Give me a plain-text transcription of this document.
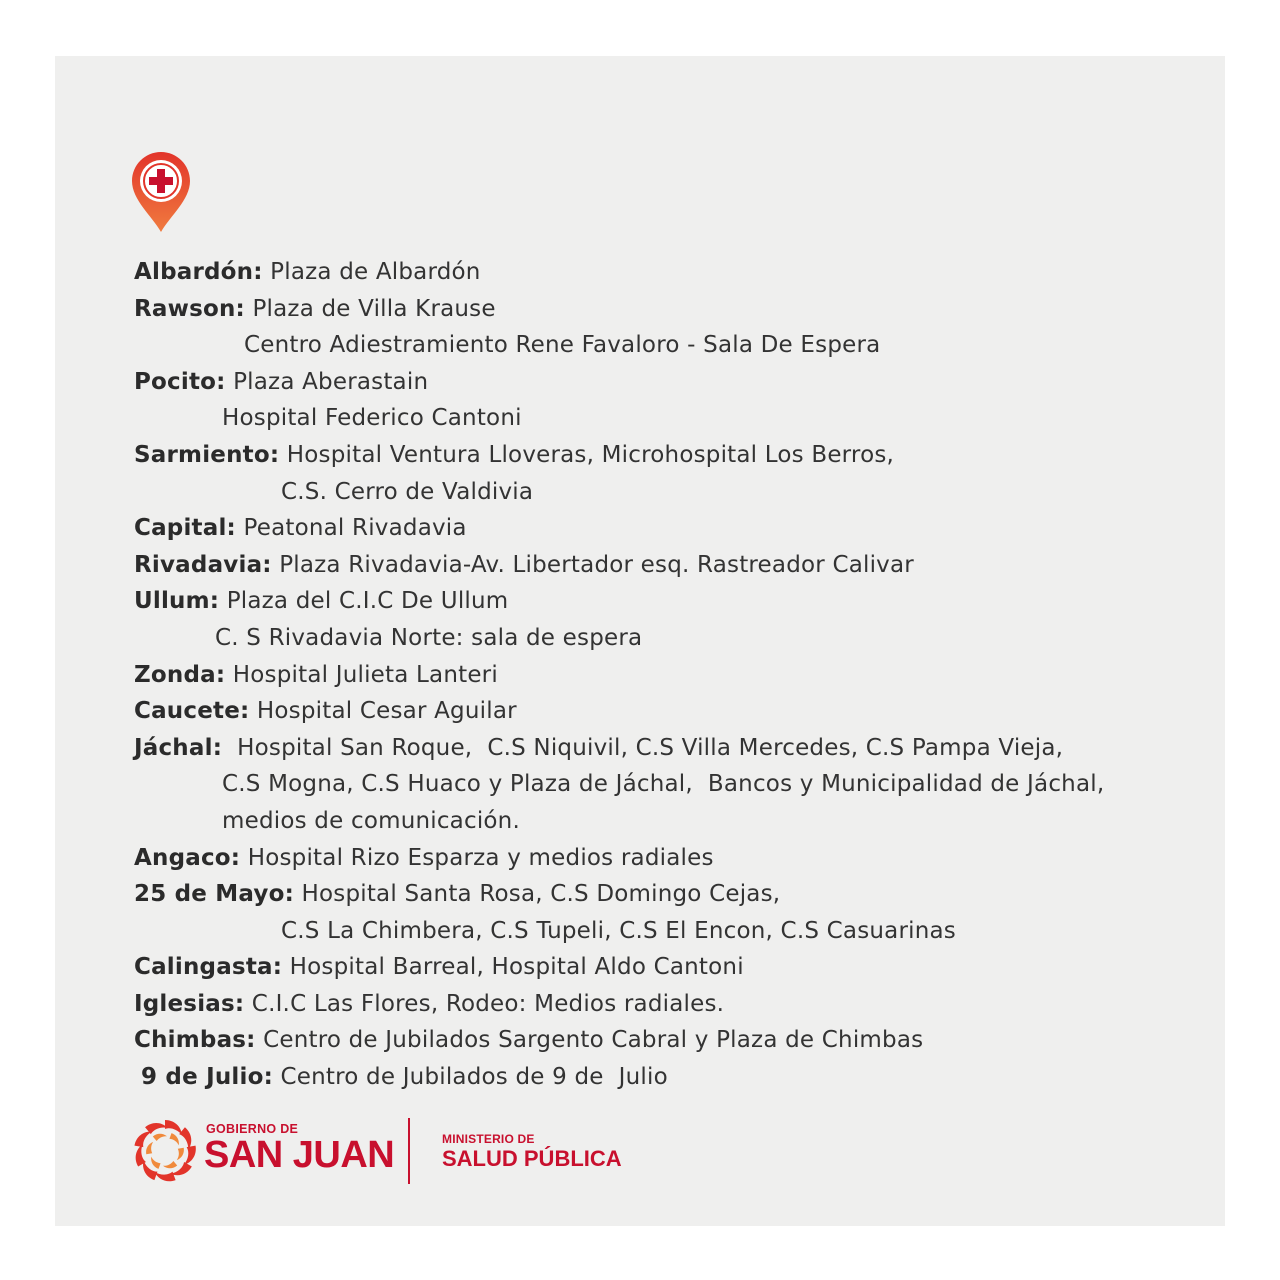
Albardón: Plaza de Albardón
Rawson: Plaza de Villa Krause
Centro Adiestramiento Rene Favaloro - Sala De Espera
Pocito: Plaza Aberastain
Hospital Federico Cantoni
Sarmiento: Hospital Ventura Lloveras, Microhospital Los Berros,
C.S. Cerro de Valdivia
Capital: Peatonal Rivadavia
Rivadavia: Plaza Rivadavia-Av. Libertador esq. Rastreador Calivar
Ullum: Plaza del C.I.C De Ullum
C. S Rivadavia Norte: sala de espera
Zonda: Hospital Julieta Lanteri
Caucete: Hospital Cesar Aguilar
Jáchal:  Hospital San Roque,  C.S Niquivil, C.S Villa Mercedes, C.S Pampa Vieja,
C.S Mogna, C.S Huaco y Plaza de Jáchal,  Bancos y Municipalidad de Jáchal,
medios de comunicación.
Angaco: Hospital Rizo Esparza y medios radiales
25 de Mayo: Hospital Santa Rosa, C.S Domingo Cejas,
C.S La Chimbera, C.S Tupeli, C.S El Encon, C.S Casuarinas
Calingasta: Hospital Barreal, Hospital Aldo Cantoni
Iglesias: C.I.C Las Flores, Rodeo: Medios radiales.
Chimbas: Centro de Jubilados Sargento Cabral y Plaza de Chimbas
9 de Julio: Centro de Jubilados de 9 de  Julio
GOBIERNO DE
SAN JUAN	MINISTERIO DE
SALUD PÚBLICA
